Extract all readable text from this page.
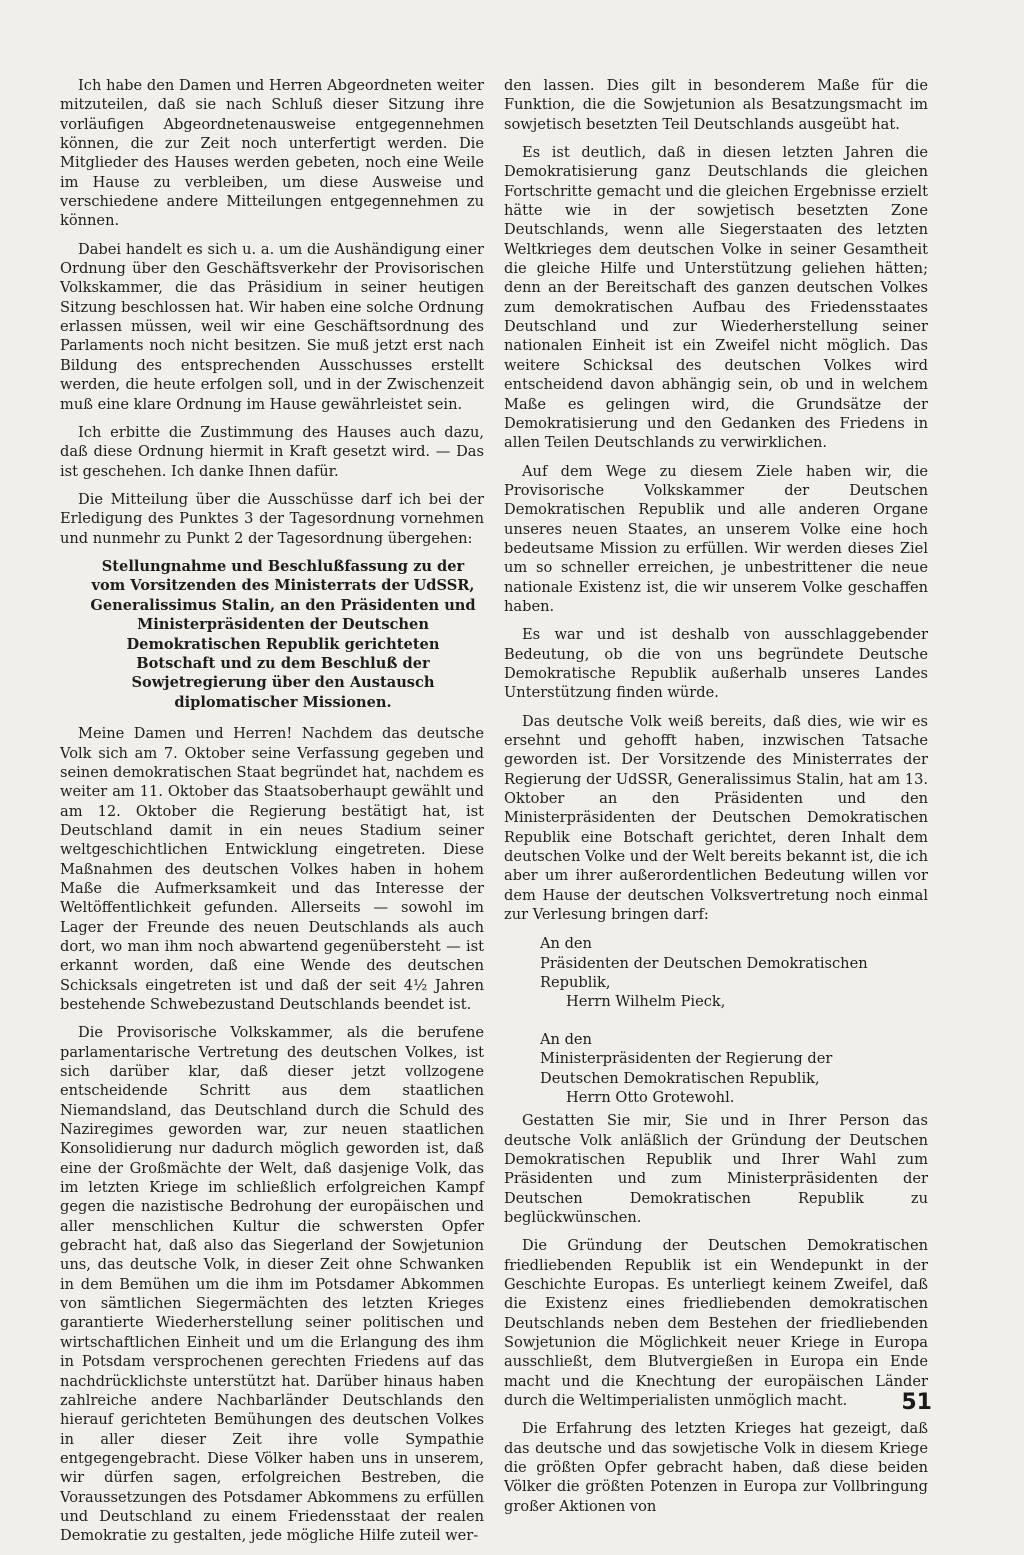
Ich habe den Damen und Herren Abgeordneten weiter mitzuteilen, daß sie nach Schluß dieser Sitzung ihre vorläufigen Abgeordnetenausweise entgegennehmen können, die zur Zeit noch unterfertigt werden. Die Mitglieder des Hauses werden gebeten, noch eine Weile im Hause zu verbleiben, um diese Ausweise und verschiedene andere Mitteilungen entgegennehmen zu können.

Dabei handelt es sich u. a. um die Aushändigung einer Ordnung über den Geschäftsverkehr der Provisorischen Volkskammer, die das Präsidium in seiner heutigen Sitzung beschlossen hat. Wir haben eine solche Ordnung erlassen müssen, weil wir eine Geschäftsordnung des Parlaments noch nicht besitzen. Sie muß jetzt erst nach Bildung des entsprechenden Ausschusses erstellt werden, die heute erfolgen soll, und in der Zwischenzeit muß eine klare Ordnung im Hause gewährleistet sein.

Ich erbitte die Zustimmung des Hauses auch dazu, daß diese Ordnung hiermit in Kraft gesetzt wird. — Das ist geschehen. Ich danke Ihnen dafür.

Die Mitteilung über die Ausschüsse darf ich bei der Erledigung des Punktes 3 der Tagesordnung vornehmen und nunmehr zu Punkt 2 der Tagesordnung übergehen:

Stellungnahme und Beschlußfassung zu der vom Vorsitzenden des Ministerrats der UdSSR, Generalissimus Stalin, an den Präsidenten und Ministerpräsidenten der Deutschen Demokratischen Republik gerichteten Botschaft und zu dem Beschluß der Sowjetregierung über den Austausch diplomatischer Missionen.

Meine Damen und Herren! Nachdem das deutsche Volk sich am 7. Oktober seine Verfassung gegeben und seinen demokratischen Staat begründet hat, nachdem es weiter am 11. Oktober das Staatsoberhaupt gewählt und am 12. Oktober die Regierung bestätigt hat, ist Deutschland damit in ein neues Stadium seiner weltgeschichtlichen Entwicklung eingetreten. Diese Maßnahmen des deutschen Volkes haben in hohem Maße die Aufmerksamkeit und das Interesse der Weltöffentlichkeit gefunden. Allerseits — sowohl im Lager der Freunde des neuen Deutschlands als auch dort, wo man ihm noch abwartend gegenübersteht — ist erkannt worden, daß eine Wende des deutschen Schicksals eingetreten ist und daß der seit 4½ Jahren bestehende Schwebezustand Deutschlands beendet ist.

Die Provisorische Volkskammer, als die berufene parlamentarische Vertretung des deutschen Volkes, ist sich darüber klar, daß dieser jetzt vollzogene entscheidende Schritt aus dem staatlichen Niemandsland, das Deutschland durch die Schuld des Naziregimes geworden war, zur neuen staatlichen Konsolidierung nur dadurch möglich geworden ist, daß eine der Großmächte der Welt, daß dasjenige Volk, das im letzten Kriege im schließlich erfolgreichen Kampf gegen die nazistische Bedrohung der europäischen und aller menschlichen Kultur die schwersten Opfer gebracht hat, daß also das Siegerland der Sowjetunion uns, das deutsche Volk, in dieser Zeit ohne Schwanken in dem Bemühen um die ihm im Potsdamer Abkommen von sämtlichen Siegermächten des letzten Krieges garantierte Wiederherstellung seiner politischen und wirtschaftlichen Einheit und um die Erlangung des ihm in Potsdam versprochenen gerechten Friedens auf das nachdrücklichste unterstützt hat. Darüber hinaus haben zahlreiche andere Nachbarländer Deutschlands den hierauf gerichteten Bemühungen des deutschen Volkes in aller dieser Zeit ihre volle Sympathie entgegengebracht. Diese Völker haben uns in unserem, wir dürfen sagen, erfolgreichen Bestreben, die Voraussetzungen des Potsdamer Abkommens zu erfüllen und Deutschland zu einem Friedensstaat der realen Demokratie zu gestalten, jede mögliche Hilfe zuteil wer-

den lassen. Dies gilt in besonderem Maße für die Funktion, die die Sowjetunion als Besatzungsmacht im sowjetisch besetzten Teil Deutschlands ausgeübt hat.

Es ist deutlich, daß in diesen letzten Jahren die Demokratisierung ganz Deutschlands die gleichen Fortschritte gemacht und die gleichen Ergebnisse erzielt hätte wie in der sowjetisch besetzten Zone Deutschlands, wenn alle Siegerstaaten des letzten Weltkrieges dem deutschen Volke in seiner Gesamtheit die gleiche Hilfe und Unterstützung geliehen hätten; denn an der Bereitschaft des ganzen deutschen Volkes zum demokratischen Aufbau des Friedensstaates Deutschland und zur Wiederherstellung seiner nationalen Einheit ist ein Zweifel nicht möglich. Das weitere Schicksal des deutschen Volkes wird entscheidend davon abhängig sein, ob und in welchem Maße es gelingen wird, die Grundsätze der Demokratisierung und den Gedanken des Friedens in allen Teilen Deutschlands zu verwirklichen.

Auf dem Wege zu diesem Ziele haben wir, die Provisorische Volkskammer der Deutschen Demokratischen Republik und alle anderen Organe unseres neuen Staates, an unserem Volke eine hoch bedeutsame Mission zu erfüllen. Wir werden dieses Ziel um so schneller erreichen, je unbestrittener die neue nationale Existenz ist, die wir unserem Volke geschaffen haben.

Es war und ist deshalb von ausschlaggebender Bedeutung, ob die von uns begründete Deutsche Demokratische Republik außerhalb unseres Landes Unterstützung finden würde.

Das deutsche Volk weiß bereits, daß dies, wie wir es ersehnt und gehofft haben, inzwischen Tatsache geworden ist. Der Vorsitzende des Ministerrates der Regierung der UdSSR, Generalissimus Stalin, hat am 13. Oktober an den Präsidenten und den Ministerpräsidenten der Deutschen Demokratischen Republik eine Botschaft gerichtet, deren Inhalt dem deutschen Volke und der Welt bereits bekannt ist, die ich aber um ihrer außerordentlichen Bedeutung willen vor dem Hause der deutschen Volksvertretung noch einmal zur Verlesung bringen darf:

An den

Präsidenten der Deutschen Demokratischen

Republik,

Herrn Wilhelm Pieck,

An den

Ministerpräsidenten der Regierung der

Deutschen Demokratischen Republik,

Herrn Otto Grotewohl.

Gestatten Sie mir, Sie und in Ihrer Person das deutsche Volk anläßlich der Gründung der Deutschen Demokratischen Republik und Ihrer Wahl zum Präsidenten und zum Ministerpräsidenten der Deutschen Demokratischen Republik zu beglückwünschen.

Die Gründung der Deutschen Demokratischen friedliebenden Republik ist ein Wendepunkt in der Geschichte Europas. Es unterliegt keinem Zweifel, daß die Existenz eines friedliebenden demokratischen Deutschlands neben dem Bestehen der friedliebenden Sowjetunion die Möglichkeit neuer Kriege in Europa ausschließt, dem Blutvergießen in Europa ein Ende macht und die Knechtung der europäischen Länder durch die Weltimperialisten unmöglich macht.

Die Erfahrung des letzten Krieges hat gezeigt, daß das deutsche und das sowjetische Volk in diesem Kriege die größten Opfer gebracht haben, daß diese beiden Völker die größten Potenzen in Europa zur Vollbringung großer Aktionen von

51
